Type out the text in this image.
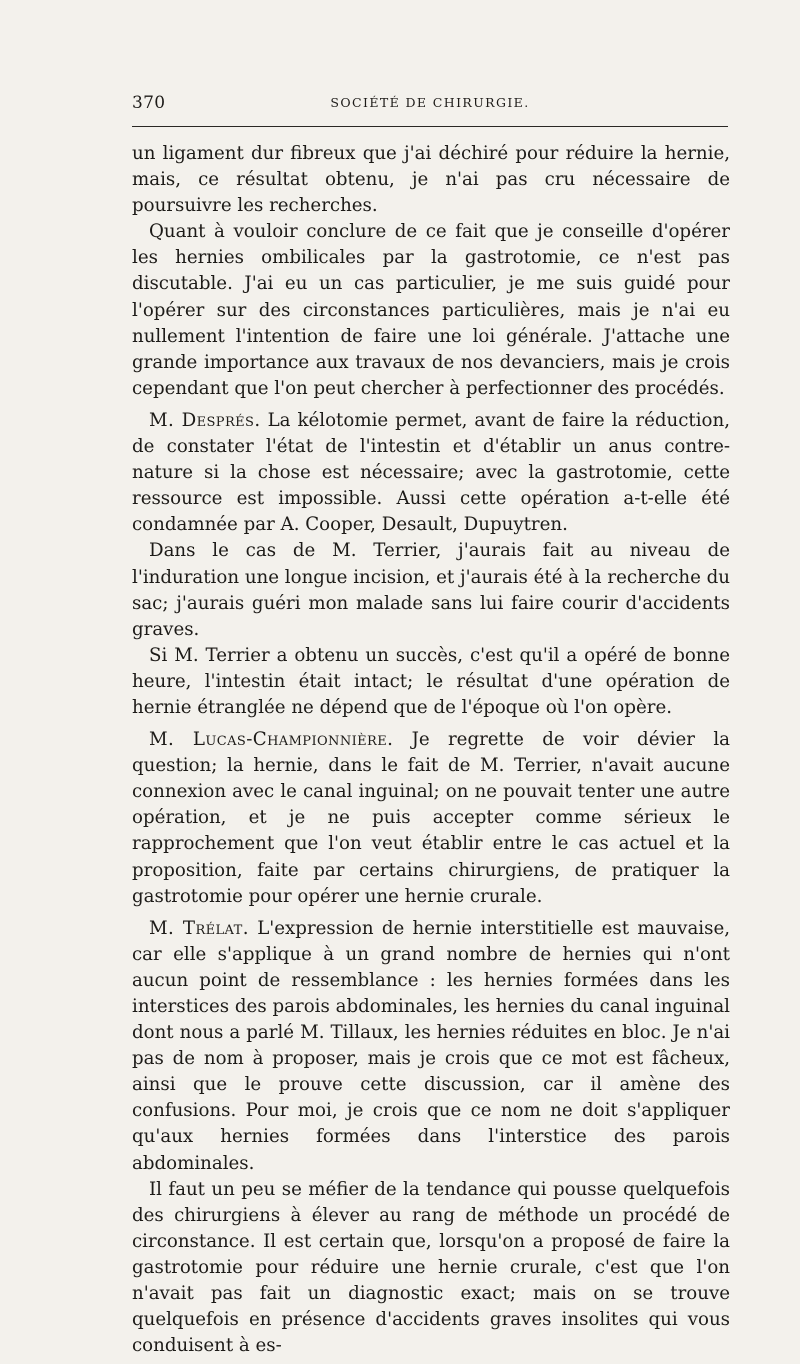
370	SOCIÉTÉ DE CHIRURGIE.

un ligament dur fibreux que j'ai déchiré pour réduire la hernie, mais, ce résultat obtenu, je n'ai pas cru nécessaire de poursuivre les recherches.

Quant à vouloir conclure de ce fait que je conseille d'opérer les hernies ombilicales par la gastrotomie, ce n'est pas discutable. J'ai eu un cas particulier, je me suis guidé pour l'opérer sur des circonstances particulières, mais je n'ai eu nullement l'intention de faire une loi générale. J'attache une grande importance aux travaux de nos devanciers, mais je crois cependant que l'on peut chercher à perfectionner des procédés.

M. Després. La kélotomie permet, avant de faire la réduction, de constater l'état de l'intestin et d'établir un anus contre-nature si la chose est nécessaire; avec la gastrotomie, cette ressource est impossible. Aussi cette opération a-t-elle été condamnée par A. Cooper, Desault, Dupuytren.

Dans le cas de M. Terrier, j'aurais fait au niveau de l'induration une longue incision, et j'aurais été à la recherche du sac; j'aurais guéri mon malade sans lui faire courir d'accidents graves.

Si M. Terrier a obtenu un succès, c'est qu'il a opéré de bonne heure, l'intestin était intact; le résultat d'une opération de hernie étranglée ne dépend que de l'époque où l'on opère.

M. Lucas-Championnière. Je regrette de voir dévier la question; la hernie, dans le fait de M. Terrier, n'avait aucune connexion avec le canal inguinal; on ne pouvait tenter une autre opération, et je ne puis accepter comme sérieux le rapprochement que l'on veut établir entre le cas actuel et la proposition, faite par certains chirurgiens, de pratiquer la gastrotomie pour opérer une hernie crurale.

M. Trélat. L'expression de hernie interstitielle est mauvaise, car elle s'applique à un grand nombre de hernies qui n'ont aucun point de ressemblance : les hernies formées dans les interstices des parois abdominales, les hernies du canal inguinal dont nous a parlé M. Tillaux, les hernies réduites en bloc. Je n'ai pas de nom à proposer, mais je crois que ce mot est fâcheux, ainsi que le prouve cette discussion, car il amène des confusions. Pour moi, je crois que ce nom ne doit s'appliquer qu'aux hernies formées dans l'interstice des parois abdominales.

Il faut un peu se méfier de la tendance qui pousse quelquefois des chirurgiens à élever au rang de méthode un procédé de circonstance. Il est certain que, lorsqu'on a proposé de faire la gastrotomie pour réduire une hernie crurale, c'est que l'on n'avait pas fait un diagnostic exact; mais on se trouve quelquefois en présence d'accidents graves insolites qui vous conduisent à es-
